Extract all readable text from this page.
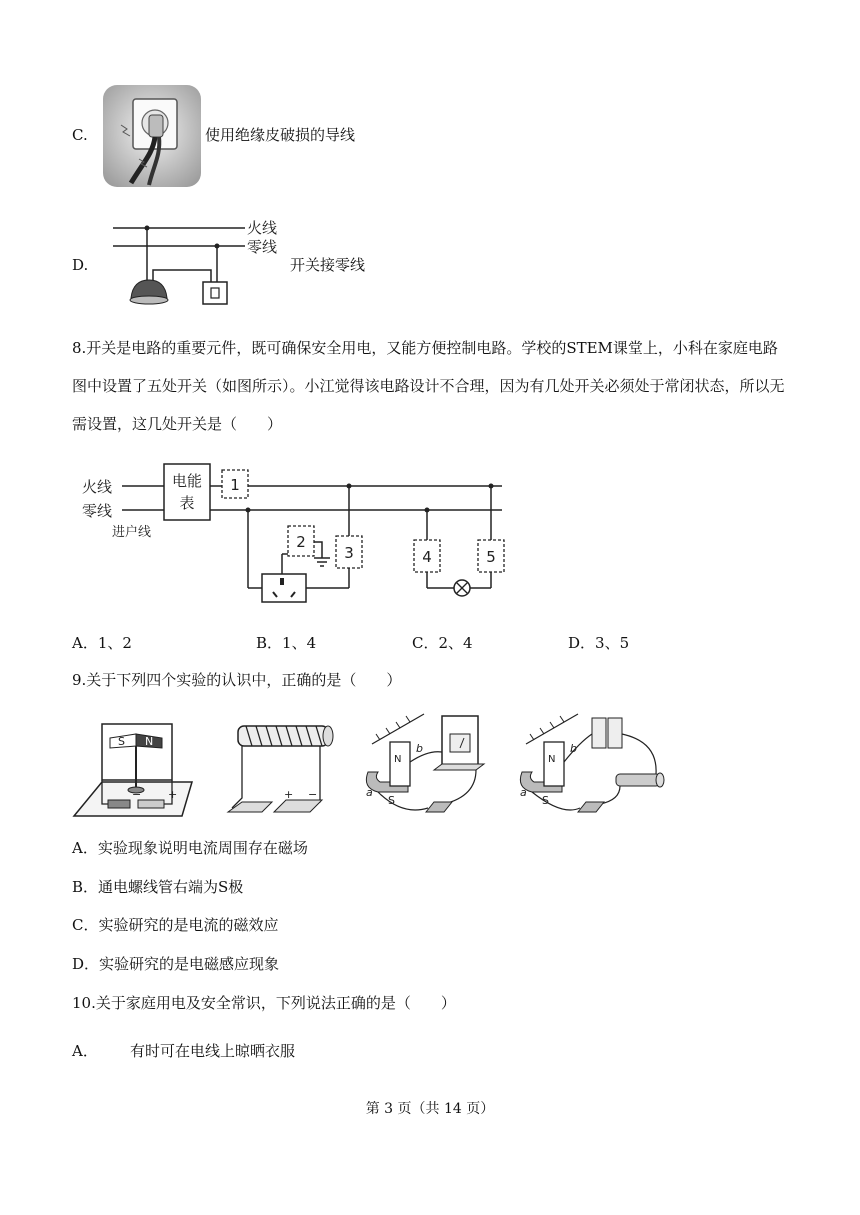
C.	使用绝缘皮破损的导线
D.
火线
零线
开关接零线
8.开关是电路的重要元件，既可确保安全用电，又能方便控制电路。学校的STEM课堂上，小科在家庭电路图中设置了五处开关（如图所示）。小江觉得该电路设计不合理，因为有几处开关必须处于常闭状态，所以无需设置，这几处开关是（　　）
火线
零线
进户线
电能
表
1
2
3	4	5
A．1、2	B．1、4	C．2、4	D．3、5
9.关于下列四个实验的认识中，正确的是（　　）
S N
− +	+ −
N
S
a
b
N
S
a
b
A．实验现象说明电流周围存在磁场
B．通电螺线管右端为S极
C．实验研究的是电流的磁效应
D．实验研究的是电磁感应现象
10.关于家庭用电及安全常识，下列说法正确的是（　　）
A． 有时可在电线上晾晒衣服
第 3 页（共 14 页）
